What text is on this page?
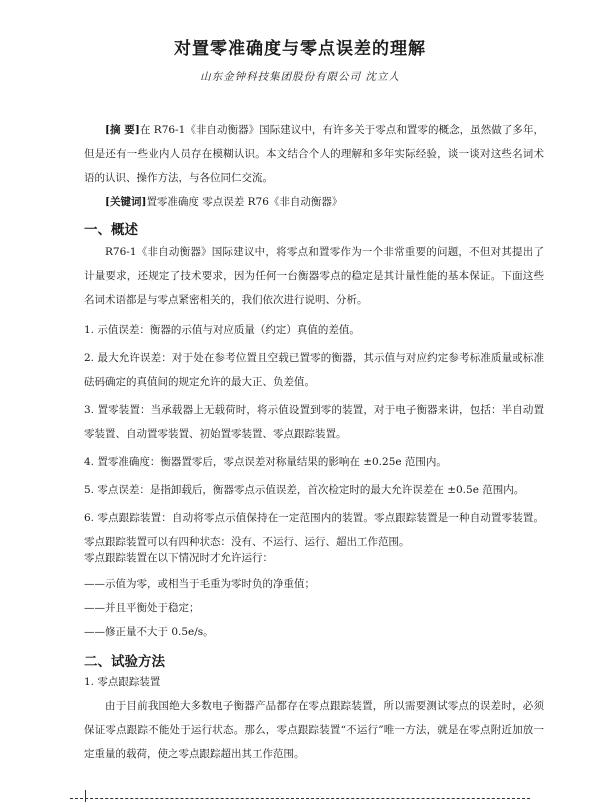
对置零准确度与零点误差的理解
山东金钟科技集团股份有限公司 沈立人
[摘 要]在 R76-1《非自动衡器》国际建议中，有许多关于零点和置零的概念，虽然做了多年，但是还有一些业内人员存在模糊认识。本文结合个人的理解和多年实际经验，谈一谈对这些名词术语的认识、操作方法，与各位同仁交流。
[关键词]置零准确度 零点误差 R76《非自动衡器》
一、概述
R76-1《非自动衡器》国际建议中，将零点和置零作为一个非常重要的问题，不但对其提出了计量要求，还规定了技术要求，因为任何一台衡器零点的稳定是其计量性能的基本保证。下面这些名词术语都是与零点紧密相关的，我们依次进行说明、分析。
1. 示值误差：衡器的示值与对应质量（约定）真值的差值。
2. 最大允许误差：对于处在参考位置且空载已置零的衡器，其示值与对应约定参考标准质量或标准砝码确定的真值间的规定允许的最大正、负差值。
3. 置零装置：当承载器上无载荷时，将示值设置到零的装置，对于电子衡器来讲，包括：半自动置零装置、自动置零装置、初始置零装置、零点跟踪装置。
4. 置零准确度：衡器置零后，零点误差对称量结果的影响在 ±0.25e 范围内。
5. 零点误差：是指卸载后，衡器零点示值误差，首次检定时的最大允许误差在 ±0.5e 范围内。
6. 零点跟踪装置：自动将零点示值保持在一定范围内的装置。零点跟踪装置是一种自动置零装置。零点跟踪装置可以有四种状态：没有、不运行、运行、超出工作范围。
零点跟踪装置在以下情况时才允许运行：
——示值为零，或相当于毛重为零时负的净重值；
——并且平衡处于稳定；
——修正量不大于 0.5e/s。
二、试验方法
1. 零点跟踪装置
由于目前我国绝大多数电子衡器产品都存在零点跟踪装置，所以需要测试零点的误差时，必须保证零点跟踪不能处于运行状态。那么，零点跟踪装置“不运行”唯一方法，就是在零点附近加放一定重量的载荷，使之零点跟踪超出其工作范围。
